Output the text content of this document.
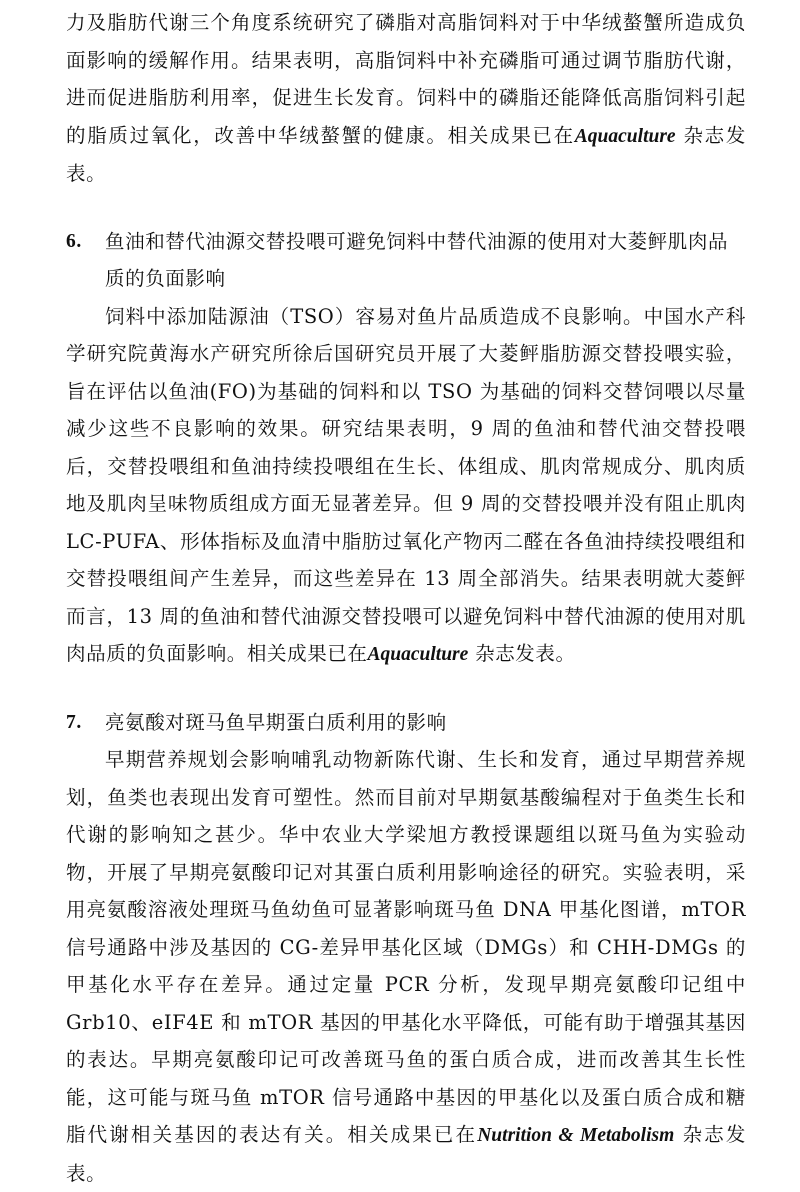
力及脂肪代谢三个角度系统研究了磷脂对高脂饲料对于中华绒螯蟹所造成负面影响的缓解作用。结果表明，高脂饲料中补充磷脂可通过调节脂肪代谢，进而促进脂肪利用率，促进生长发育。饲料中的磷脂还能降低高脂饲料引起的脂质过氧化，改善中华绒螯蟹的健康。相关成果已在Aquaculture 杂志发表。

6.	鱼油和替代油源交替投喂可避免饲料中替代油源的使用对大菱鲆肌肉品质的负面影响

饲料中添加陆源油（TSO）容易对鱼片品质造成不良影响。中国水产科学研究院黄海水产研究所徐后国研究员开展了大菱鲆脂肪源交替投喂实验，旨在评估以鱼油(FO)为基础的饲料和以 TSO 为基础的饲料交替饲喂以尽量减少这些不良影响的效果。研究结果表明，9 周的鱼油和替代油交替投喂后，交替投喂组和鱼油持续投喂组在生长、体组成、肌肉常规成分、肌肉质地及肌肉呈味物质组成方面无显著差异。但 9 周的交替投喂并没有阻止肌肉 LC-PUFA、形体指标及血清中脂肪过氧化产物丙二醛在各鱼油持续投喂组和交替投喂组间产生差异，而这些差异在 13 周全部消失。结果表明就大菱鲆而言，13 周的鱼油和替代油源交替投喂可以避免饲料中替代油源的使用对肌肉品质的负面影响。相关成果已在Aquaculture 杂志发表。

7.	亮氨酸对斑马鱼早期蛋白质利用的影响

早期营养规划会影响哺乳动物新陈代谢、生长和发育，通过早期营养规划，鱼类也表现出发育可塑性。然而目前对早期氨基酸编程对于鱼类生长和代谢的影响知之甚少。华中农业大学梁旭方教授课题组以斑马鱼为实验动物，开展了早期亮氨酸印记对其蛋白质利用影响途径的研究。实验表明，采用亮氨酸溶液处理斑马鱼幼鱼可显著影响斑马鱼 DNA 甲基化图谱，mTOR 信号通路中涉及基因的 CG-差异甲基化区域（DMGs）和 CHH-DMGs 的甲基化水平存在差异。通过定量 PCR 分析，发现早期亮氨酸印记组中 Grb10、eIF4E 和 mTOR 基因的甲基化水平降低，可能有助于增强其基因的表达。早期亮氨酸印记可改善斑马鱼的蛋白质合成，进而改善其生长性能，这可能与斑马鱼 mTOR 信号通路中基因的甲基化以及蛋白质合成和糖脂代谢相关基因的表达有关。相关成果已在Nutrition & Metabolism 杂志发表。
